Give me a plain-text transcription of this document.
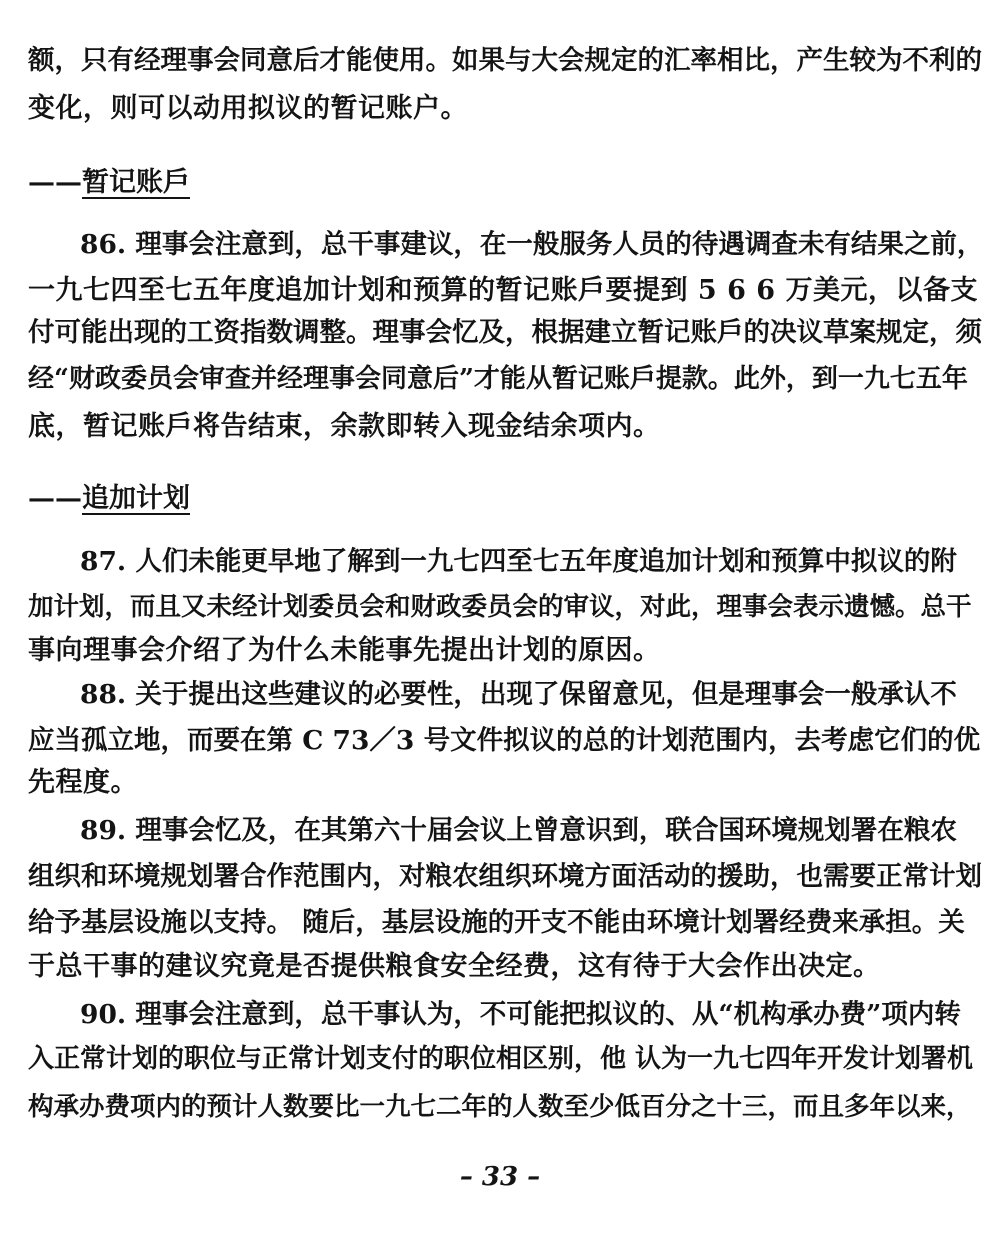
额，只有经理事会同意后才能使用。如果与大会规定的汇率相比，产生较为不利的
变化，则可以动用拟议的暂记账户。
——暂记账戶
86. 理事会注意到，总干事建议，在一般服务人员的待遇调查未有结果之前，
一九七四至七五年度追加计划和预算的暂记账戶要提到 5 6 6 万美元，以备支
付可能出现的工资指数调整。理事会忆及，根据建立暂记账戶的决议草案规定，须
经“财政委员会审查并经理事会同意后”才能从暂记账戶提款。此外，到一九七五年
底，暂记账戶将告结束，余款即转入现金结余项内。
——追加计划
87. 人们未能更早地了解到一九七四至七五年度追加计划和预算中拟议的附
加计划，而且又未经计划委员会和财政委员会的审议，对此，理事会表示遗憾。总干
事向理事会介绍了为什么未能事先提出计划的原因。
88. 关于提出这些建议的必要性，出现了保留意见，但是理事会一般承认不
应当孤立地，而要在第 C 73／3 号文件拟议的总的计划范围内，去考虑它们的优
先程度。
89. 理事会忆及，在其第六十届会议上曾意识到，联合国环境规划署在粮农
组织和环境规划署合作范围内，对粮农组织环境方面活动的援助，也需要正常计划
给予基层设施以支持。 随后，基层设施的开支不能由环境计划署经费来承担。关
于总干事的建议究竟是否提供粮食安全经费，这有待于大会作出决定。
90. 理事会注意到，总干事认为，不可能把拟议的、从“机构承办费”项内转
入正常计划的职位与正常计划支付的职位相区别，他 认为一九七四年开发计划署机
构承办费项内的预计人数要比一九七二年的人数至少低百分之十三，而且多年以来，
– 33 –
